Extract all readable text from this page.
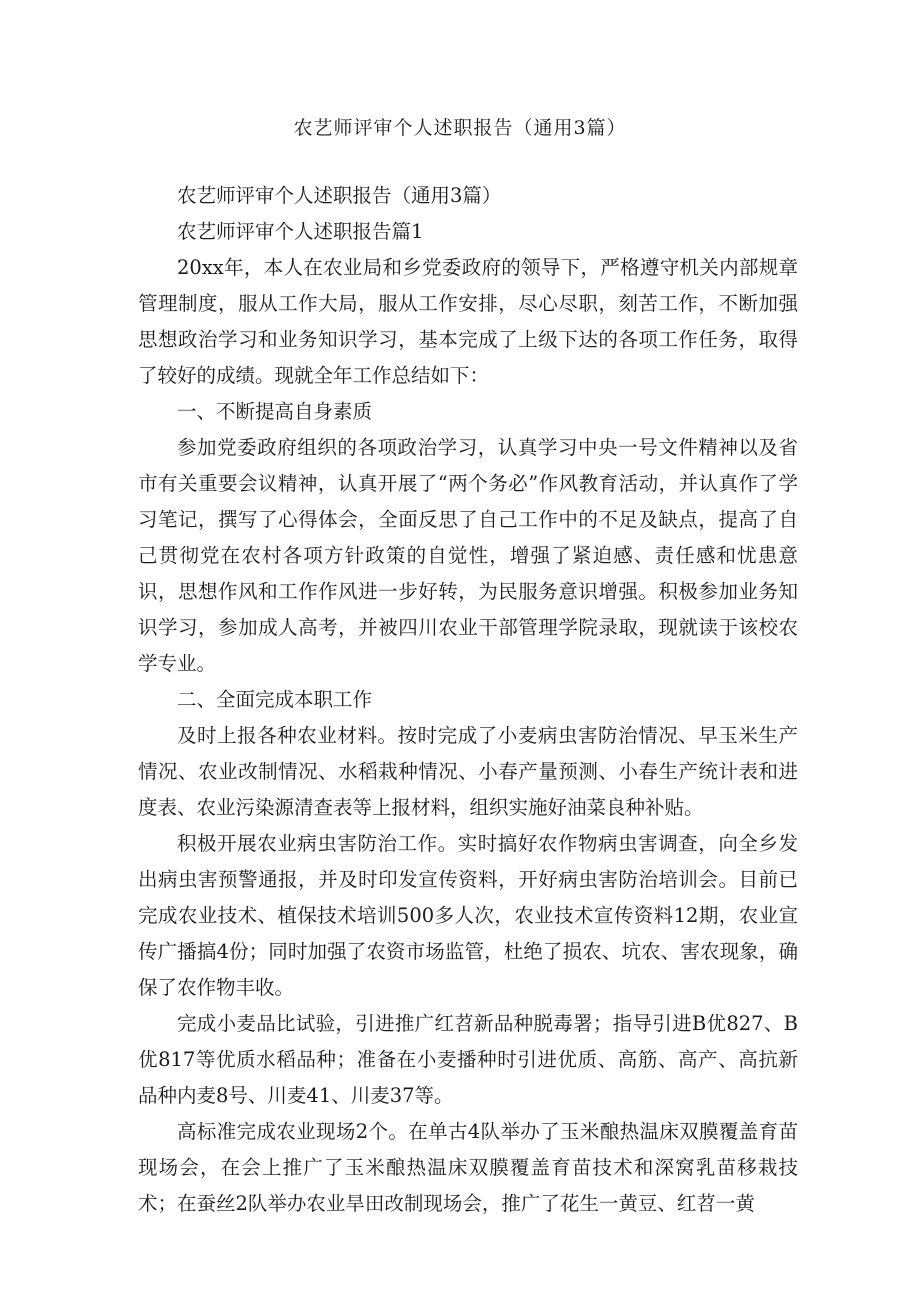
农艺师评审个人述职报告（通用3篇）

农艺师评审个人述职报告（通用3篇）

农艺师评审个人述职报告篇1

20xx年，本人在农业局和乡党委政府的领导下，严格遵守机关内部规章管理制度，服从工作大局，服从工作安排，尽心尽职，刻苦工作，不断加强思想政治学习和业务知识学习，基本完成了上级下达的各项工作任务，取得了较好的成绩。现就全年工作总结如下：

一、不断提高自身素质

参加党委政府组织的各项政治学习，认真学习中央一号文件精神以及省市有关重要会议精神，认真开展了“两个务必”作风教育活动，并认真作了学习笔记，撰写了心得体会，全面反思了自己工作中的不足及缺点，提高了自己贯彻党在农村各项方针政策的自觉性，增强了紧迫感、责任感和忧患意识，思想作风和工作作风进一步好转，为民服务意识增强。积极参加业务知识学习，参加成人高考，并被四川农业干部管理学院录取，现就读于该校农学专业。

二、全面完成本职工作

及时上报各种农业材料。按时完成了小麦病虫害防治情况、早玉米生产情况、农业改制情况、水稻栽种情况、小春产量预测、小春生产统计表和进度表、农业污染源清查表等上报材料，组织实施好油菜良种补贴。

积极开展农业病虫害防治工作。实时搞好农作物病虫害调查，向全乡发出病虫害预警通报，并及时印发宣传资料，开好病虫害防治培训会。目前已完成农业技术、植保技术培训500多人次，农业技术宣传资料12期，农业宣传广播搞4份；同时加强了农资市场监管，杜绝了损农、坑农、害农现象，确保了农作物丰收。

完成小麦品比试验，引进推广红苕新品种脱毒署；指导引进B优827、B优817等优质水稻品种；准备在小麦播种时引进优质、高筋、高产、高抗新品种内麦8号、川麦41、川麦37等。

高标准完成农业现场2个。在单古4队举办了玉米酿热温床双膜覆盖育苗现场会，在会上推广了玉米酿热温床双膜覆盖育苗技术和深窝乳苗移栽技术；在蚕丝2队举办农业旱田改制现场会，推广了花生一黄豆、红苕一黄
